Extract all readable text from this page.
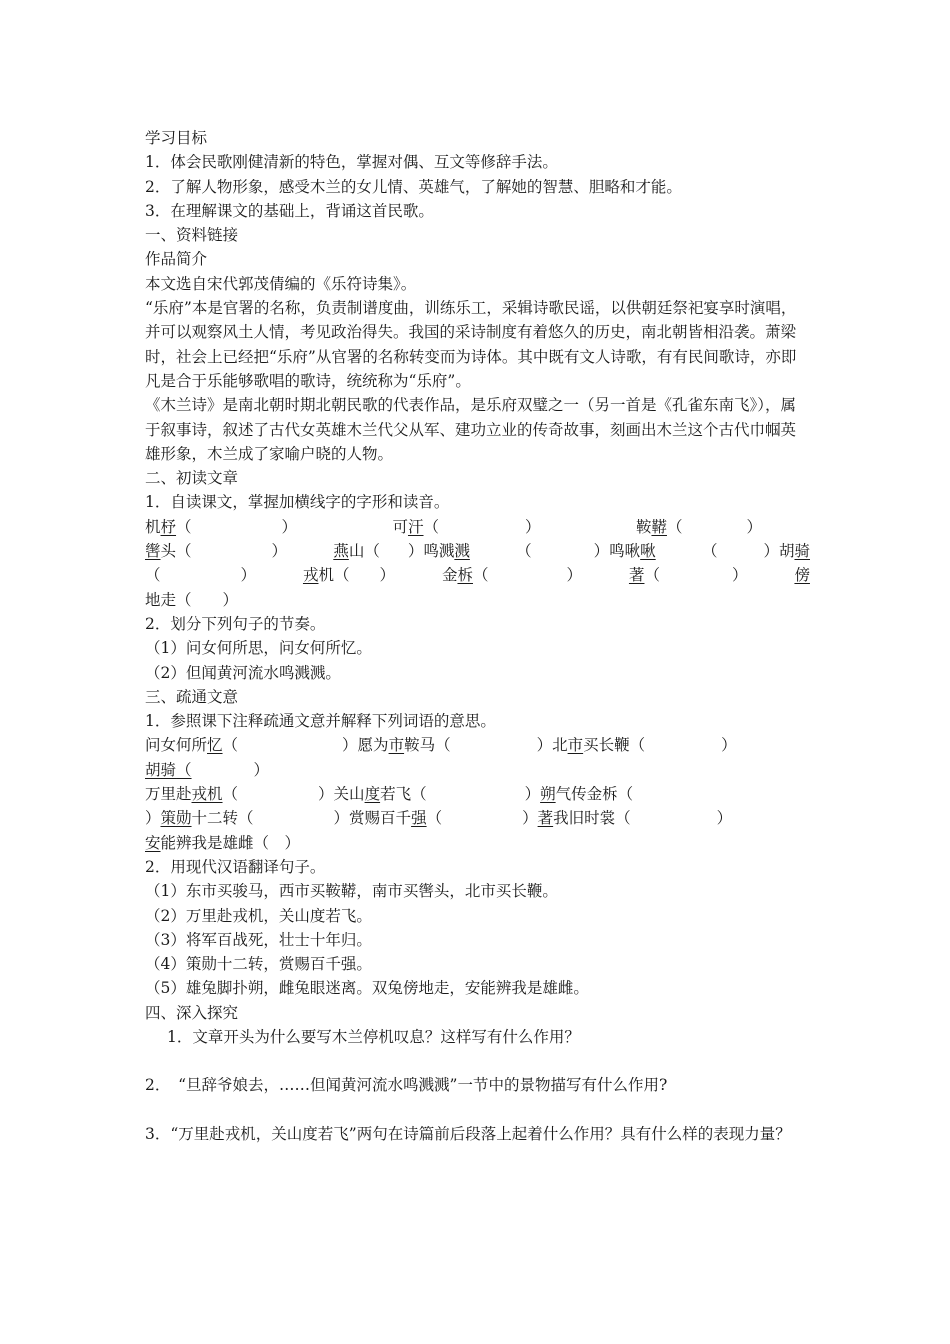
学习目标
1．体会民歌刚健清新的特色，掌握对偶、互文等修辞手法。
2．了解人物形象，感受木兰的女儿情、英雄气，了解她的智慧、胆略和才能。
3．在理解课文的基础上，背诵这首民歌。
一、资料链接
作品简介
本文选自宋代郭茂倩编的《乐符诗集》。
“乐府”本是官署的名称，负责制谱度曲，训练乐工，采辑诗歌民谣，以供朝廷祭祀宴享时演唱，并可以观察风土人情，考见政治得失。我国的采诗制度有着悠久的历史，南北朝皆相沿袭。萧梁时，社会上已经把“乐府”从官署的名称转变而为诗体。其中既有文人诗歌，有有民间歌诗，亦即凡是合于乐能够歌唱的歌诗，统统称为“乐府”。
《木兰诗》是南北朝时期北朝民歌的代表作品，是乐府双璧之一（另一首是《孔雀东南飞》），属于叙事诗，叙述了古代女英雄木兰代父从军、建功立业的传奇故事，刻画出木兰这个古代巾帼英雄形象，木兰成了家喻户晓的人物。
二、初读文章
1．自读课文，掌握加横线字的字形和读音。
机杼（	）	可汗（	）	鞍鞯（	）
辔头（	）	燕山（ ）鸣溅溅	（	）鸣啾啾	（	）胡骑
（	）	戎机（ ）	金柝（	）	著（	）	傍
地走（　　）
2．划分下列句子的节奏。
（1）问女何所思，问女何所忆。
（2）但闻黄河流水鸣溅溅。
三、疏通文意
1．参照课下注释疏通文意并解释下列词语的意思。
问女何所忆（	）愿为市鞍马（	）北市买长鞭（	）
胡骑（	）
万里赴戎机（	）关山度若飞（	）朔气传金柝（
）策勋十二转（	）赏赐百千强（	）著我旧时裳（	）
安能辨我是雄雌（　）
2．用现代汉语翻译句子。
（1）东市买骏马，西市买鞍鞯，南市买辔头，北市买长鞭。
（2）万里赴戎机，关山度若飞。
（3）将军百战死，壮士十年归。
（4）策勋十二转，赏赐百千强。
（5）雄兔脚扑朔，雌兔眼迷离。双兔傍地走，安能辨我是雄雌。
四、深入探究
1．文章开头为什么要写木兰停机叹息？这样写有什么作用？
2．　“旦辞爷娘去，……但闻黄河流水鸣溅溅”一节中的景物描写有什么作用?
3．“万里赴戎机，关山度若飞”两句在诗篇前后段落上起着什么作用？具有什么样的表现力量？
